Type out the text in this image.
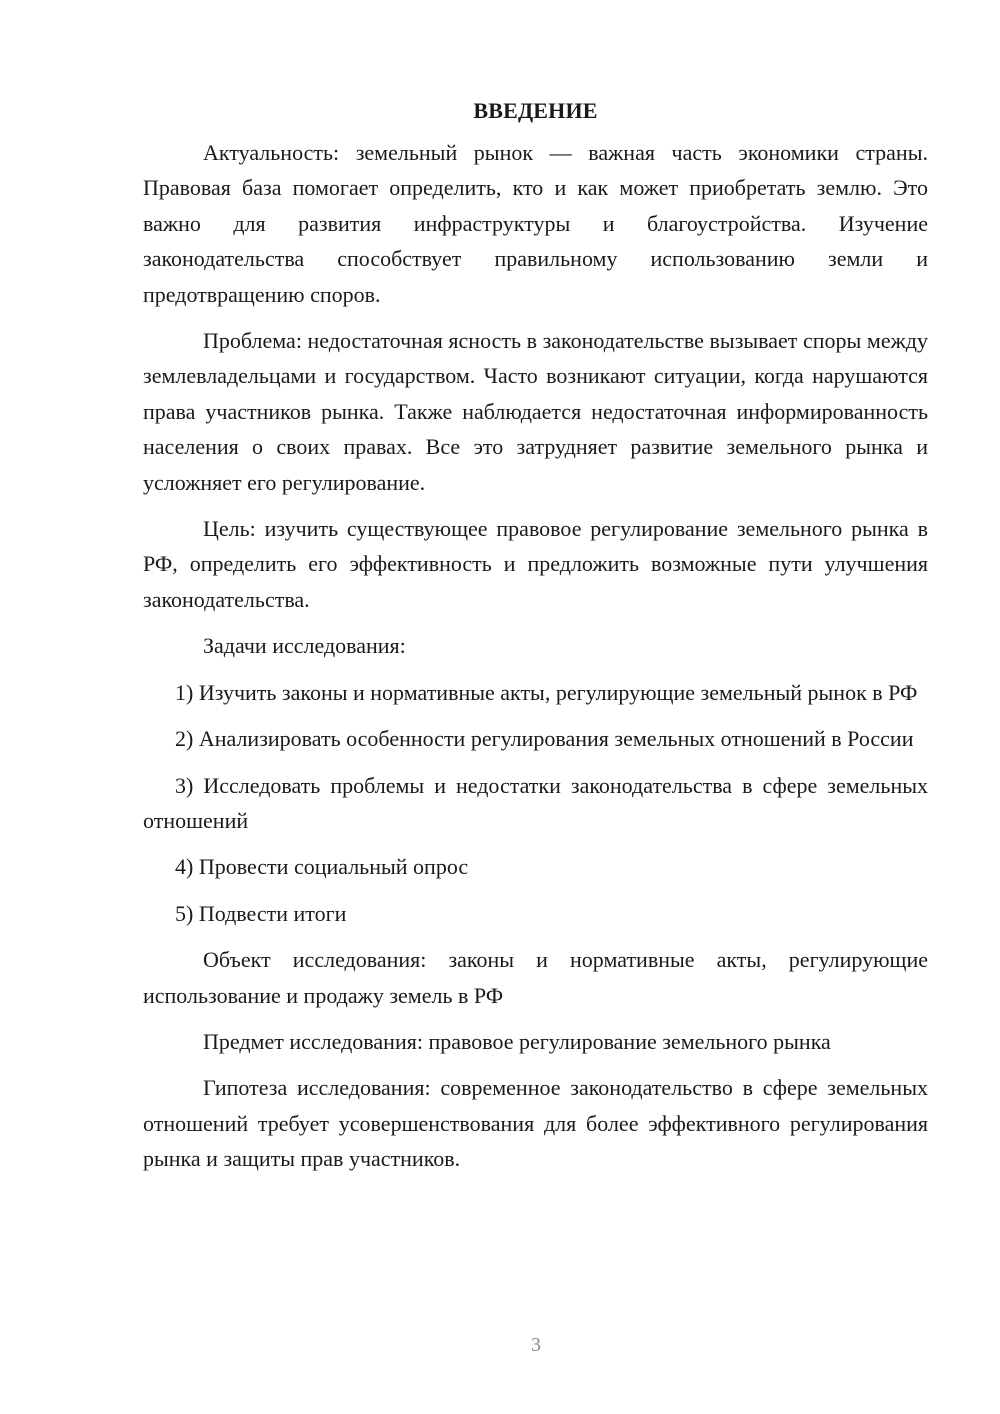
ВВЕДЕНИЕ

Актуальность: земельный рынок — важная часть экономики страны. Правовая база помогает определить, кто и как может приобретать землю. Это важно для развития инфраструктуры и благоустройства. Изучение законодательства способствует правильному использованию земли и предотвращению споров.

Проблема: недостаточная ясность в законодательстве вызывает споры между землевладельцами и государством. Часто возникают ситуации, когда нарушаются права участников рынка. Также наблюдается недостаточная информированность населения о своих правах. Все это затрудняет развитие земельного рынка и усложняет его регулирование.

Цель: изучить существующее правовое регулирование земельного рынка в РФ, определить его эффективность и предложить возможные пути улучшения законодательства.

Задачи исследования:

1) Изучить законы и нормативные акты, регулирующие земельный рынок в РФ

2) Анализировать особенности регулирования земельных отношений в России

3) Исследовать проблемы и недостатки законодательства в сфере земельных отношений

4) Провести социальный опрос

5) Подвести итоги

Объект исследования: законы и нормативные акты, регулирующие использование и продажу земель в РФ

Предмет исследования: правовое регулирование земельного рынка

Гипотеза исследования: современное законодательство в сфере земельных отношений требует усовершенствования для более эффективного регулирования рынка и защиты прав участников.

3
